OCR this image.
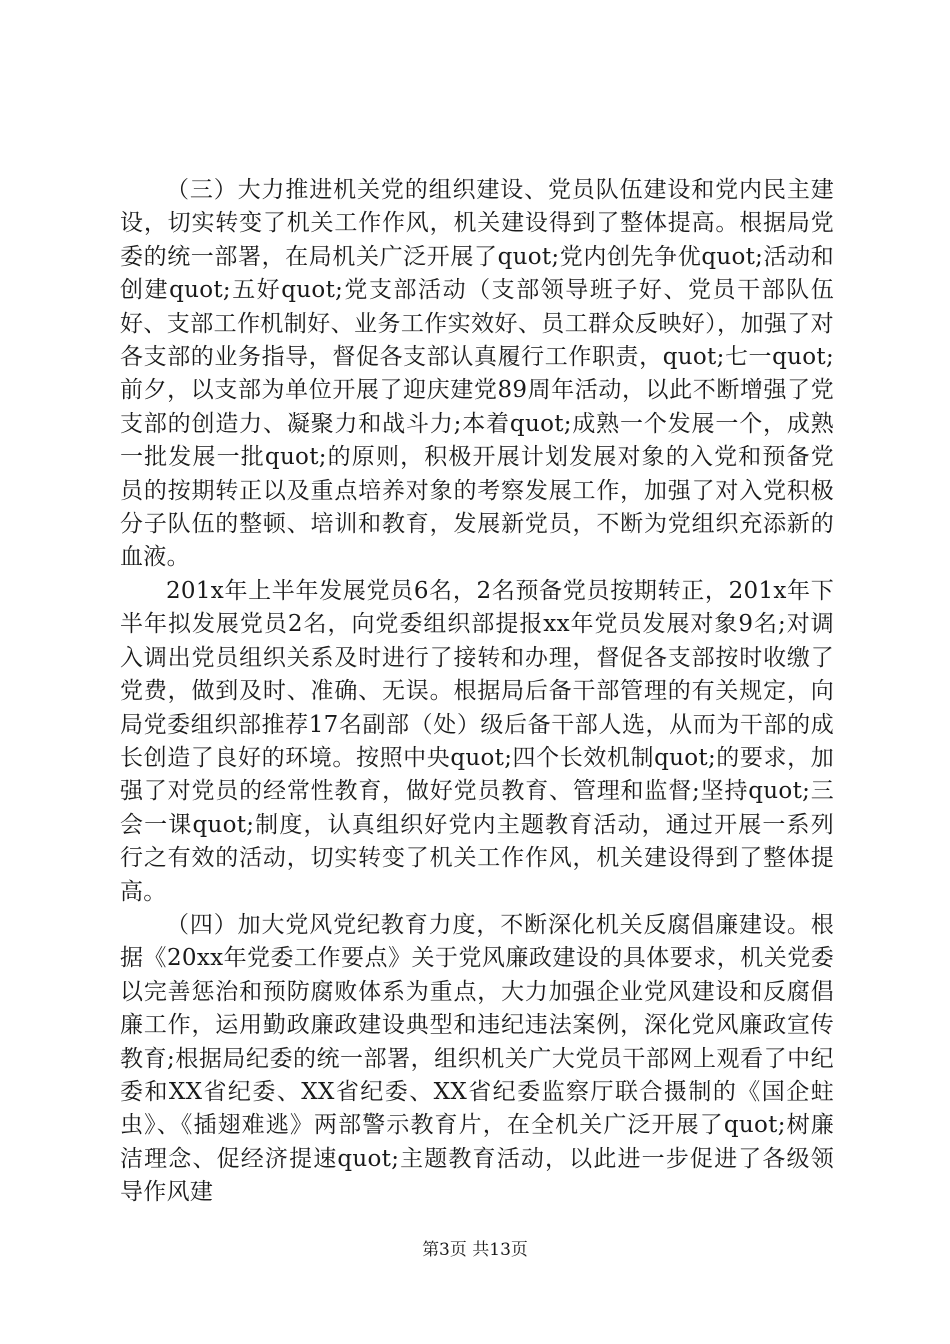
（三）大力推进机关党的组织建设、党员队伍建设和党内民主建设，切实转变了机关工作作风，机关建设得到了整体提高。根据局党委的统一部署，在局机关广泛开展了quot;党内创先争优quot;活动和创建quot;五好quot;党支部活动（支部领导班子好、党员干部队伍好、支部工作机制好、业务工作实效好、员工群众反映好），加强了对各支部的业务指导，督促各支部认真履行工作职责，quot;七一quot;前夕，以支部为单位开展了迎庆建党89周年活动，以此不断增强了党支部的创造力、凝聚力和战斗力;本着quot;成熟一个发展一个，成熟一批发展一批quot;的原则，积极开展计划发展对象的入党和预备党员的按期转正以及重点培养对象的考察发展工作，加强了对入党积极分子队伍的整顿、培训和教育，发展新党员，不断为党组织充添新的血液。

201x年上半年发展党员6名，2名预备党员按期转正，201x年下半年拟发展党员2名，向党委组织部提报xx年党员发展对象9名;对调入调出党员组织关系及时进行了接转和办理，督促各支部按时收缴了党费，做到及时、准确、无误。根据局后备干部管理的有关规定，向局党委组织部推荐17名副部（处）级后备干部人选，从而为干部的成长创造了良好的环境。按照中央quot;四个长效机制quot;的要求，加强了对党员的经常性教育，做好党员教育、管理和监督;坚持quot;三会一课quot;制度，认真组织好党内主题教育活动，通过开展一系列行之有效的活动，切实转变了机关工作作风，机关建设得到了整体提高。

（四）加大党风党纪教育力度，不断深化机关反腐倡廉建设。根据《20xx年党委工作要点》关于党风廉政建设的具体要求，机关党委以完善惩治和预防腐败体系为重点，大力加强企业党风建设和反腐倡廉工作，运用勤政廉政建设典型和违纪违法案例，深化党风廉政宣传教育;根据局纪委的统一部署，组织机关广大党员干部网上观看了中纪委和XX省纪委、XX省纪委、XX省纪委监察厅联合摄制的《国企蛀虫》、《插翅难逃》两部警示教育片，在全机关广泛开展了quot;树廉洁理念、促经济提速quot;主题教育活动，以此进一步促进了各级领导作风建

第3页 共13页
